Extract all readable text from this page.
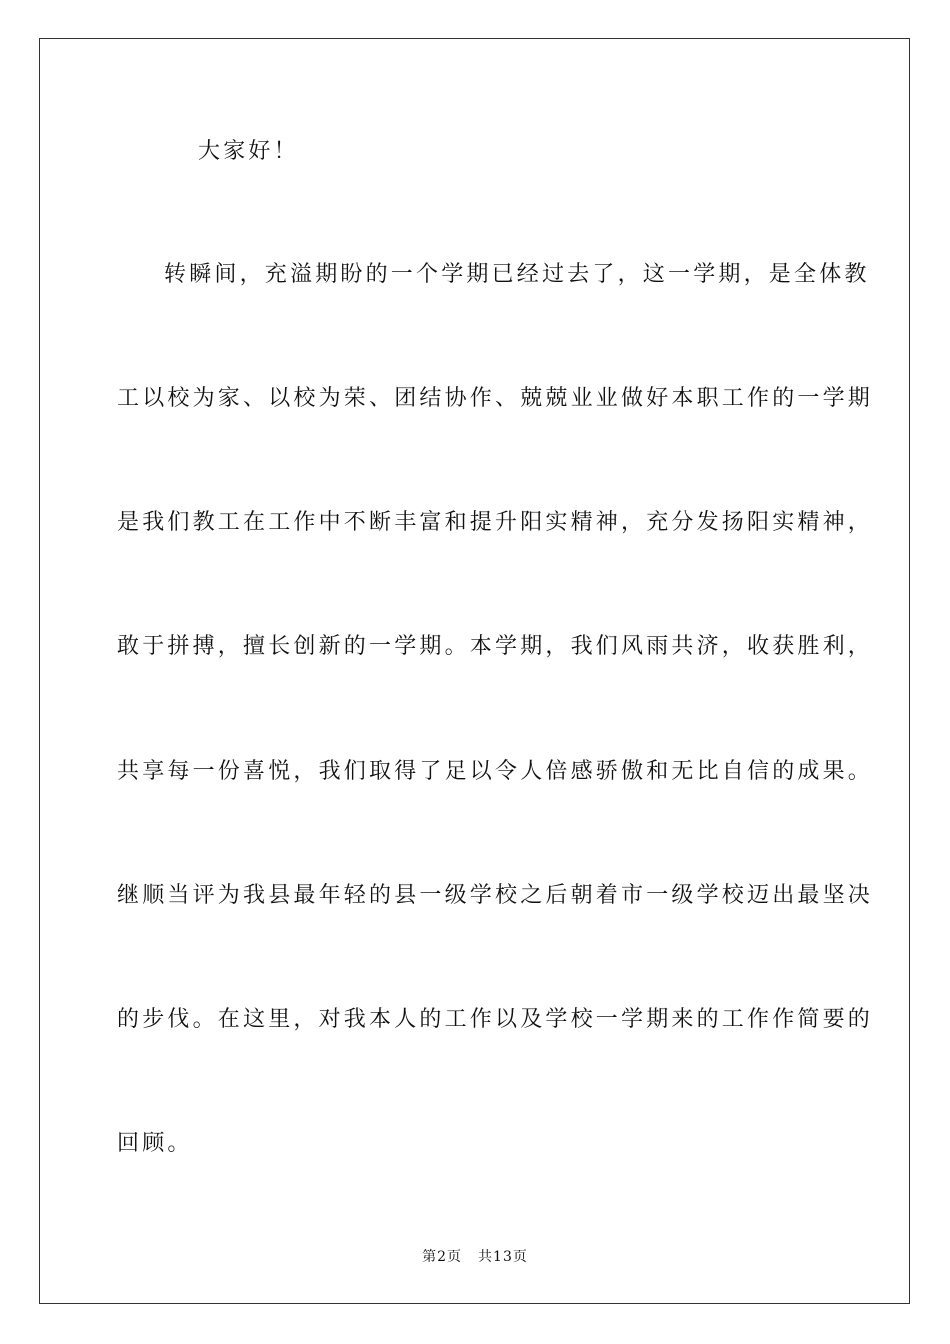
大家好！
转瞬间，充溢期盼的一个学期已经过去了，这一学期，是全体教
工以校为家、以校为荣、团结协作、兢兢业业做好本职工作的一学期
是我们教工在工作中不断丰富和提升阳实精神，充分发扬阳实精神，
敢于拼搏，擅长创新的一学期。本学期，我们风雨共济，收获胜利，
共享每一份喜悦，我们取得了足以令人倍感骄傲和无比自信的成果。
继顺当评为我县最年轻的县一级学校之后朝着市一级学校迈出最坚决
的步伐。在这里，对我本人的工作以及学校一学期来的工作作简要的
回顾。
第2页 共13页
